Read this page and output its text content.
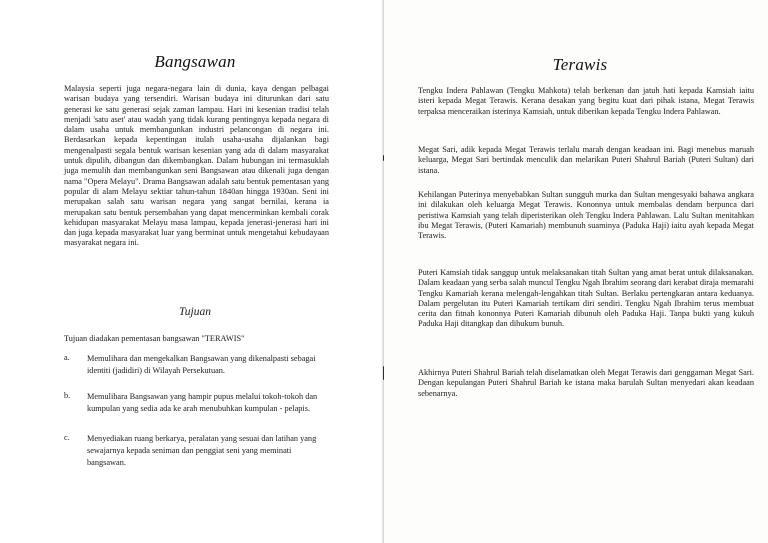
Bangsawan

Malaysia seperti juga negara-negara lain di dunia, kaya dengan pelbagai warisan budaya yang tersendiri. Warisan budaya ini diturunkan dari satu generasi ke satu generasi sejak zaman lampau. Hari ini kesenian tradisi telah menjadi 'satu aset' atau wadah yang tidak kurang pentingnya kepada negara di dalam usaha untuk membangunkan industri pelancongan di negara ini. Berdasarkan kepada kepentingan itulah usaha-usaha dijalankan bagi mengenalpasti segala bentuk warisan kesenian yang ada di dalam masyarakat untuk dipulih, dibangun dan dikembangkan. Dalam hubungan ini termasuklah juga memulih dan membangunkan seni Bangsawan atau dikenali juga dengan nama "Opera Melayu". Drama Bangsawan adalah satu bentuk pementasan yang popular di alam Melayu sektiar tahun-tahun 1840an hingga 1930an. Seni ini merupakan salah satu warisan negara yang sangat bernilai, kerana ia merupakan satu bentuk persembahan yang dapat mencerminkan kembali corak kehidupan masyarakat Melayu masa lampau, kepada jenerasi-jenerasi hari ini dan juga kepada masyarakat luar yang berminat untuk mengetahui kebudayaan masyarakat negara ini.

Tujuan

Tujuan diadakan pementasan bangsawan "TERAWIS"

a. Memulihara dan mengekalkan Bangsawan yang dikenalpasti sebagai identiti (jadidiri) di Wilayah Persekutuan.
b. Memulihara Bangsawan yang hampir pupus melalui tokoh-tokoh dan kumpulan yang sedia ada ke arah menubuhkan kumpulan - pelapis.
c. Menyediakan ruang berkarya, peralatan yang sesuai dan latihan yang sewajarnya kepada seniman dan penggiat seni yang meminati bangsawan.
Terawis

Tengku Indera Pahlawan (Tengku Mahkota) telah berkenan dan jatuh hati kepada Kamsiah iaitu isteri kepada Megat Terawis. Kerana desakan yang begitu kuat dari pihak istana, Megat Terawis terpaksa menceraikan isterinya Kamsiah, untuk diberikan kepada Tengku Indera Pahlawan.

Megat Sari, adik kepada Megat Terawis terlalu marah dengan keadaan ini. Bagi menebus maruah keluarga, Megat Sari bertindak menculik dan melarikan Puteri Shahrul Bariah (Puteri Sultan) dari istana.

Kehilangan Puterinya menyebabkan Sultan sungguh murka dan Sultan mengesyaki bahawa angkara ini dilakukan oleh keluarga Megat Terawis. Kononnya untuk membalas dendam berpunca dari peristiwa Kamsiah yang telah diperisterikan oleh Tengku Indera Pahlawan. Lalu Sultan menitahkan ibu Megat Terawis, (Puteri Kamariah) membunuh suaminya (Paduka Haji) iaitu ayah kepada Megat Terawis.

Puteri Kamsiah tidak sanggup untuk melaksanakan titah Sultan yang amat berat untuk dilaksanakan. Dalam keadaan yang serba salah muncul Tengku Ngah Ibrahim seorang dari kerabat diraja memarahi Tengku Kamariah kerana melengah-lengahkan titah Sultan. Berlaku pertengkaran antara keduanya. Dalam pergelutan itu Puteri Kamariah tertikam diri sendiri. Tengku Ngah Ibrahim terus membuat cerita dan fitnah kononnya Puteri Kamariah dibunuh oleh Paduka Haji. Tanpa bukti yang kukuh Paduka Haji ditangkap dan dihukum bunuh.

Akhirnya Puteri Shahrul Bariah telah diselamatkan oleh Megat Terawis dari genggaman Megat Sari. Dengan kepulangan Puteri Shahrul Bariah ke istana maka barulah Sultan menyedari akan keadaan sebenarnya.
